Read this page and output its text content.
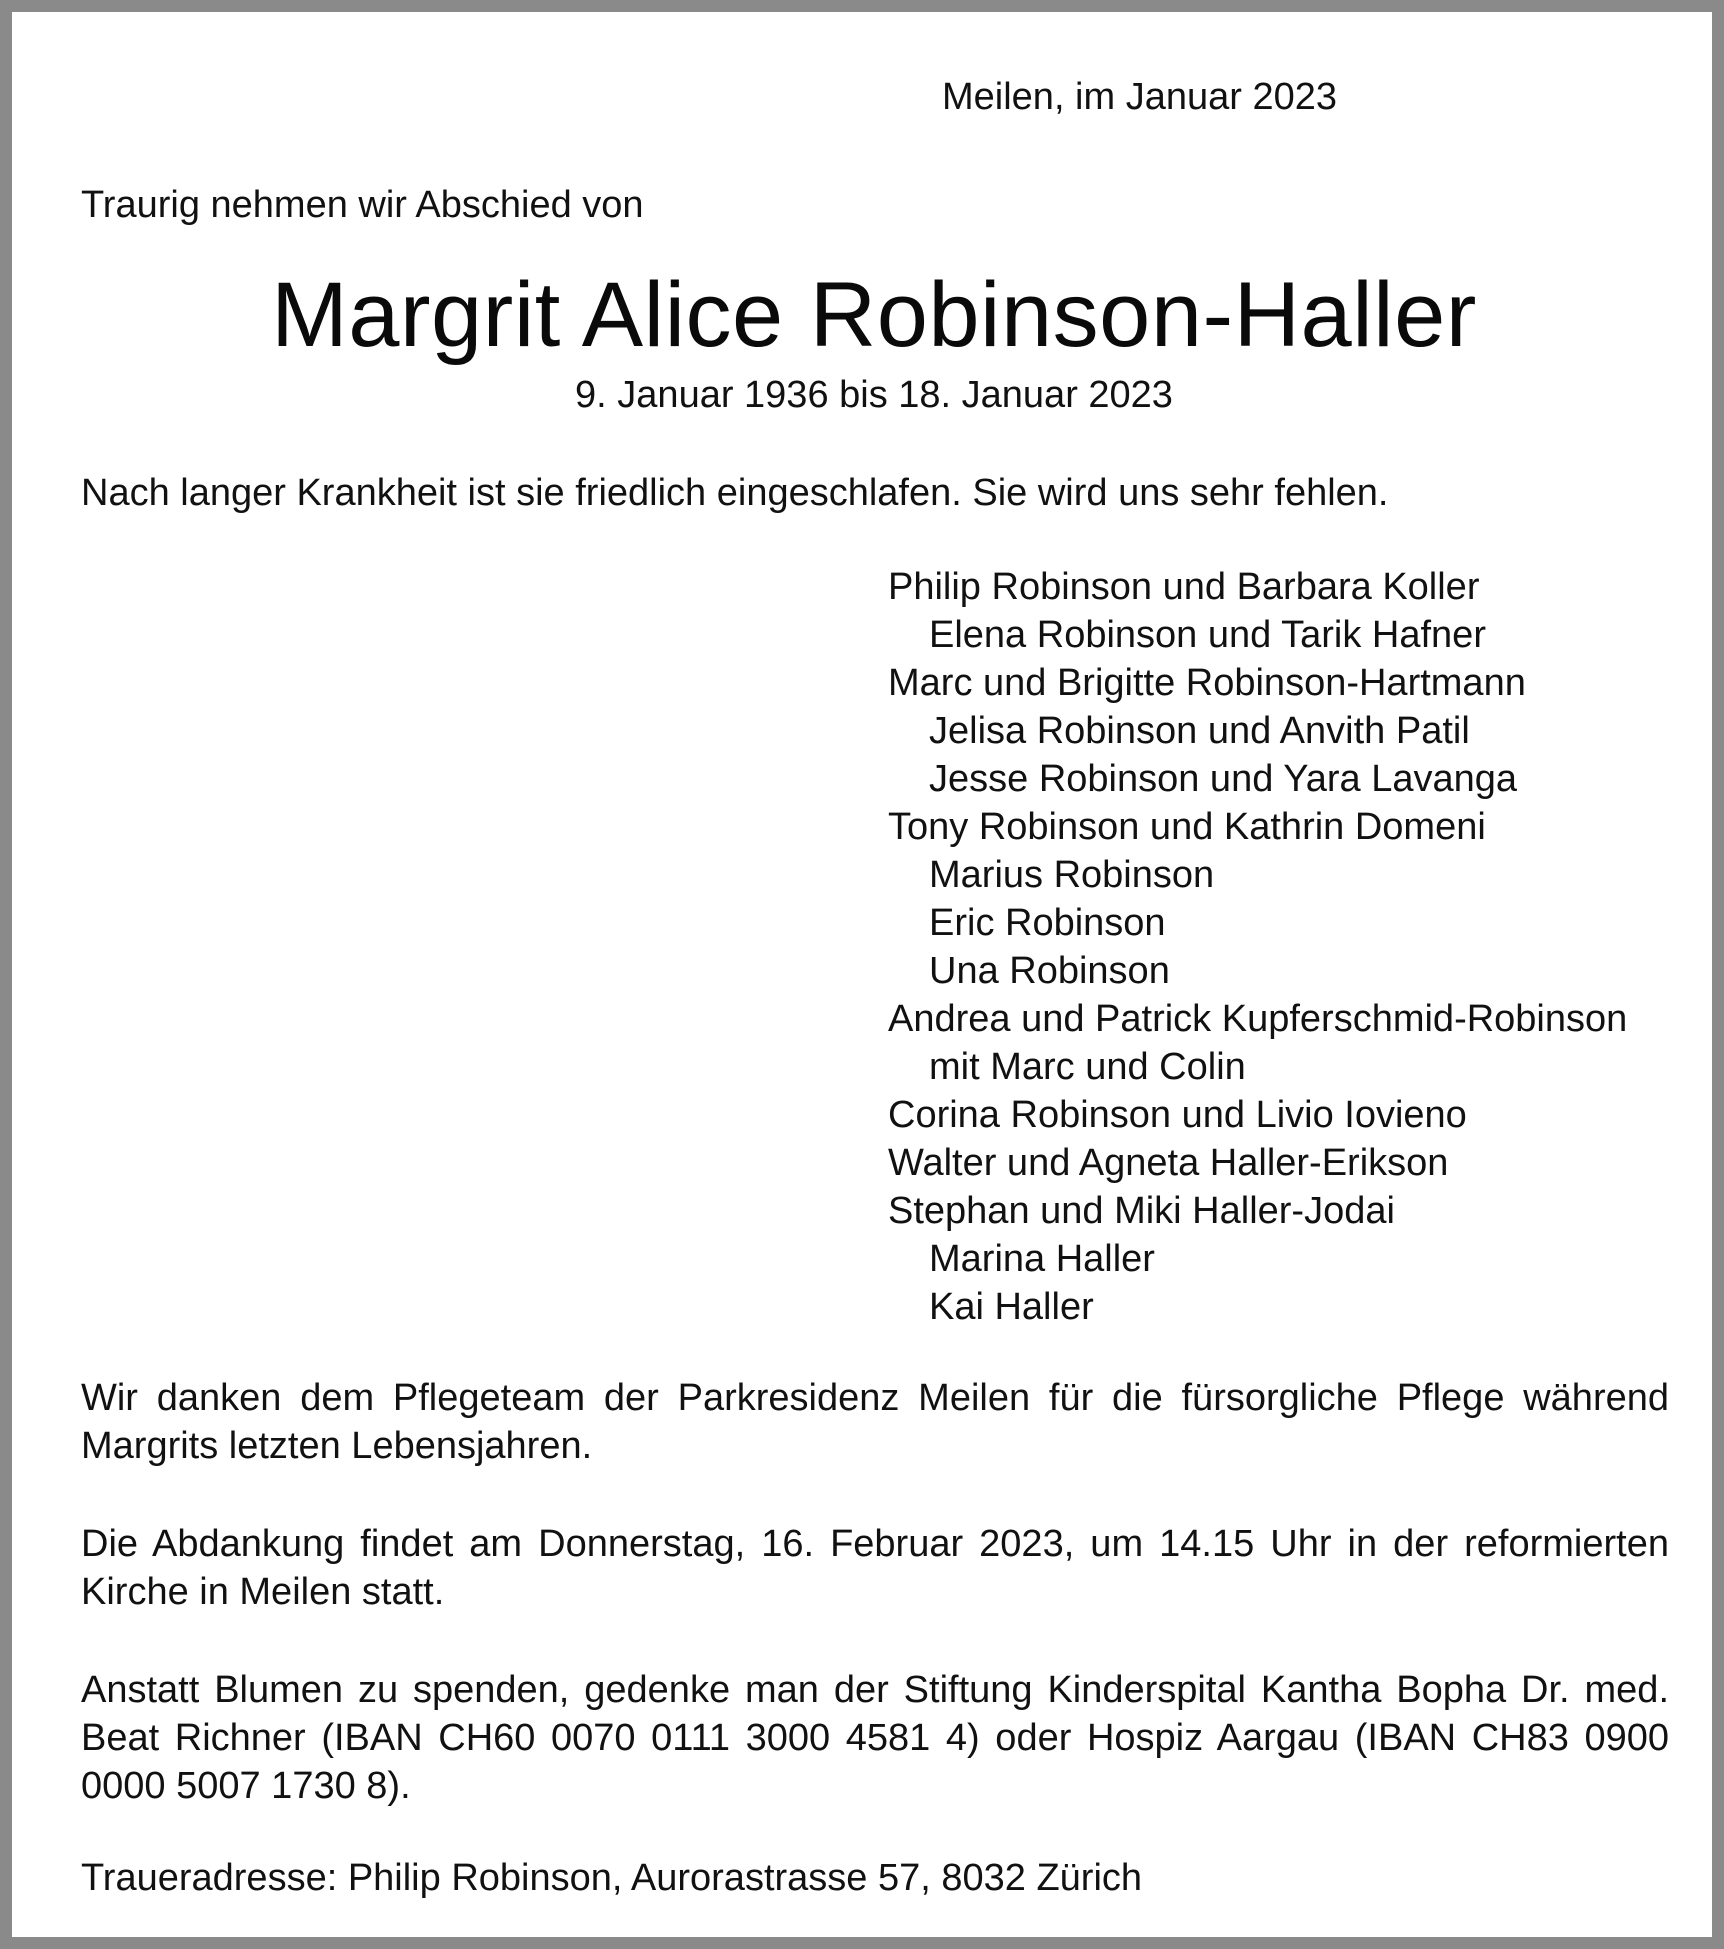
Meilen, im Januar 2023

Traurig nehmen wir Abschied von

Margrit Alice Robinson-Haller

9. Januar 1936 bis 18. Januar 2023

Nach langer Krankheit ist sie friedlich eingeschlafen. Sie wird uns sehr fehlen.

Philip Robinson und Barbara Koller
Elena Robinson und Tarik Hafner
Marc und Brigitte Robinson-Hartmann
Jelisa Robinson und Anvith Patil
Jesse Robinson und Yara Lavanga
Tony Robinson und Kathrin Domeni
Marius Robinson
Eric Robinson
Una Robinson
Andrea und Patrick Kupferschmid-Robinson
mit Marc und Colin
Corina Robinson und Livio Iovieno
Walter und Agneta Haller-Erikson
Stephan und Miki Haller-Jodai
Marina Haller
Kai Haller

Wir danken dem Pflegeteam der Parkresidenz Meilen für die fürsorgliche Pflege während Margrits letzten Lebensjahren.

Die Abdankung findet am Donnerstag, 16. Februar 2023, um 14.15 Uhr in der reformierten Kirche in Meilen statt.

Anstatt Blumen zu spenden, gedenke man der Stiftung Kinderspital Kantha Bopha Dr. med. Beat Richner (IBAN CH60 0070 0111 3000 4581 4) oder Hospiz Aargau (IBAN CH83 0900 0000 5007 1730 8).

Traueradresse: Philip Robinson, Aurorastrasse 57, 8032 Zürich
